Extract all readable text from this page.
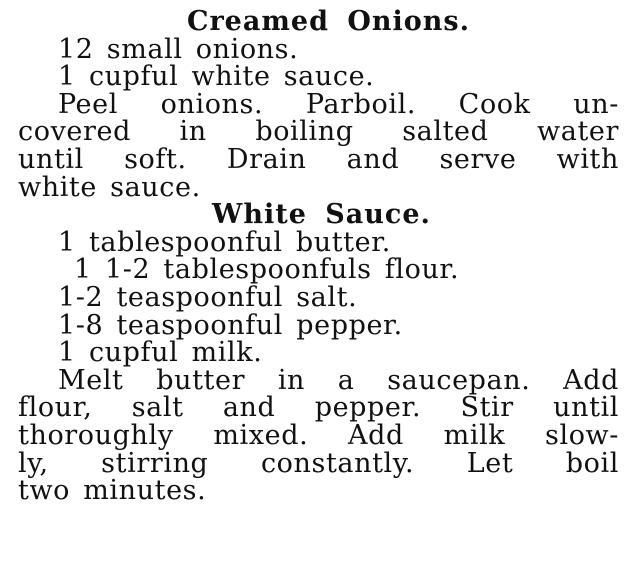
Creamed Onions.
12 small onions.
1 cupful white sauce.
Peel onions. Parboil. Cook un-
covered in boiling salted water
until soft. Drain and serve with
white sauce.
White Sauce.
1 tablespoonful butter.
1 1-2 tablespoonfuls flour.
1-2 teaspoonful salt.
1-8 teaspoonful pepper.
1 cupful milk.
Melt butter in a saucepan. Add
flour, salt and pepper. Stir until
thoroughly mixed. Add milk slow-
ly, stirring constantly. Let boil
two minutes.
